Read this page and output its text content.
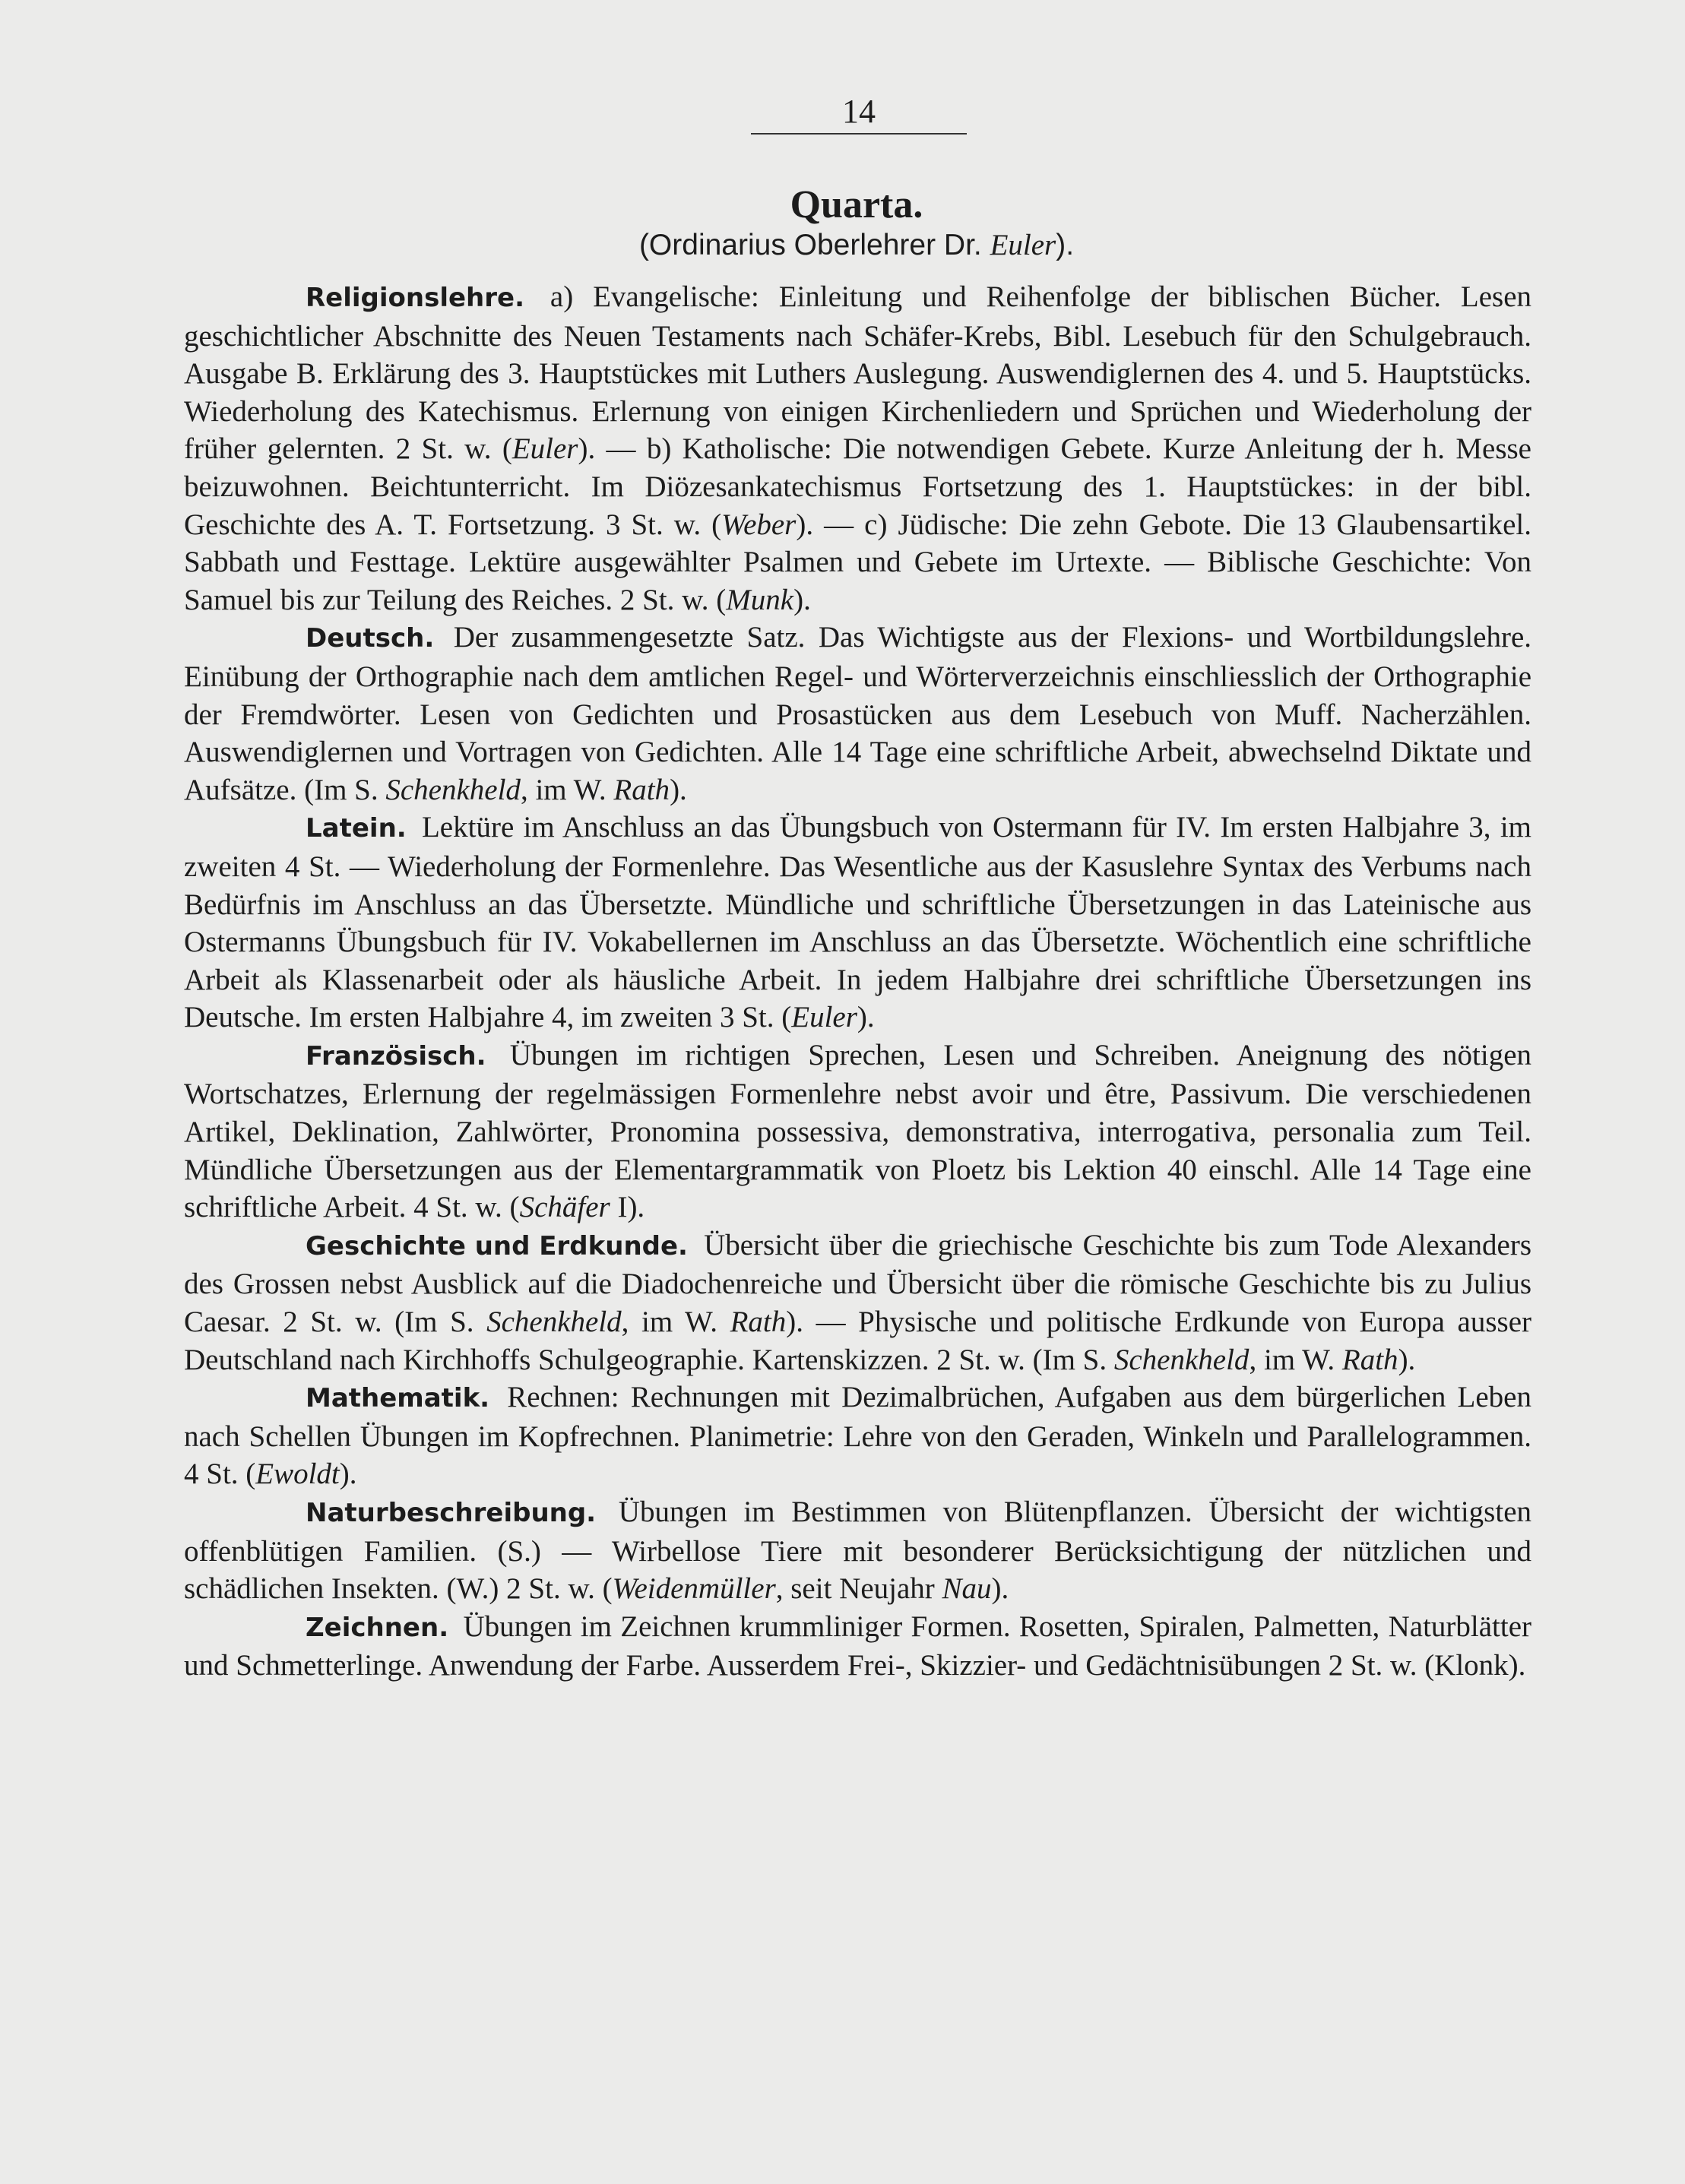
14
Quarta.
(Ordinarius Oberlehrer Dr. Euler).

Religionslehre. a) Evangelische: Einleitung und Reihenfolge der biblischen Bücher. Lesen geschichtlicher Abschnitte des Neuen Testaments nach Schäfer-Krebs, Bibl. Lesebuch für den Schulgebrauch. Ausgabe B. Erklärung des 3. Hauptstückes mit Luthers Auslegung. Auswendiglernen des 4. und 5. Hauptstücks. Wiederholung des Katechismus. Erlernung von einigen Kirchenliedern und Sprüchen und Wiederholung der früher gelernten. 2 St. w. (Euler). — b) Katholische: Die notwendigen Gebete. Kurze Anleitung der h. Messe beizuwohnen. Beichtunterricht. Im Diözesankatechismus Fortsetzung des 1. Hauptstückes: in der bibl. Geschichte des A. T. Fortsetzung. 3 St. w. (Weber). — c) Jüdische: Die zehn Gebote. Die 13 Glaubensartikel. Sabbath und Festtage. Lektüre ausgewählter Psalmen und Gebete im Urtexte. — Biblische Geschichte: Von Samuel bis zur Teilung des Reiches. 2 St. w. (Munk).

Deutsch. Der zusammengesetzte Satz. Das Wichtigste aus der Flexions- und Wortbildungslehre. Einübung der Orthographie nach dem amtlichen Regel- und Wörterverzeichnis einschliesslich der Orthographie der Fremdwörter. Lesen von Gedichten und Prosastücken aus dem Lesebuch von Muff. Nacherzählen. Auswendiglernen und Vortragen von Gedichten. Alle 14 Tage eine schriftliche Arbeit, abwechselnd Diktate und Aufsätze. (Im S. Schenkheld, im W. Rath).

Latein. Lektüre im Anschluss an das Übungsbuch von Ostermann für IV. Im ersten Halbjahre 3, im zweiten 4 St. — Wiederholung der Formenlehre. Das Wesentliche aus der Kasuslehre Syntax des Verbums nach Bedürfnis im Anschluss an das Übersetzte. Mündliche und schriftliche Übersetzungen in das Lateinische aus Ostermanns Übungsbuch für IV. Vokabellernen im Anschluss an das Übersetzte. Wöchentlich eine schriftliche Arbeit als Klassenarbeit oder als häusliche Arbeit. In jedem Halbjahre drei schriftliche Übersetzungen ins Deutsche. Im ersten Halbjahre 4, im zweiten 3 St. (Euler).

Französisch. Übungen im richtigen Sprechen, Lesen und Schreiben. Aneignung des nötigen Wortschatzes, Erlernung der regelmässigen Formenlehre nebst avoir und être, Passivum. Die verschiedenen Artikel, Deklination, Zahlwörter, Pronomina possessiva, demonstrativa, interrogativa, personalia zum Teil. Mündliche Übersetzungen aus der Elementargrammatik von Ploetz bis Lektion 40 einschl. Alle 14 Tage eine schriftliche Arbeit. 4 St. w. (Schäfer I).

Geschichte und Erdkunde. Übersicht über die griechische Geschichte bis zum Tode Alexanders des Grossen nebst Ausblick auf die Diadochenreiche und Übersicht über die römische Geschichte bis zu Julius Caesar. 2 St. w. (Im S. Schenkheld, im W. Rath). — Physische und politische Erdkunde von Europa ausser Deutschland nach Kirchhoffs Schulgeographie. Kartenskizzen. 2 St. w. (Im S. Schenkheld, im W. Rath).

Mathematik. Rechnen: Rechnungen mit Dezimalbrüchen, Aufgaben aus dem bürgerlichen Leben nach Schellen Übungen im Kopfrechnen. Planimetrie: Lehre von den Geraden, Winkeln und Parallelogrammen. 4 St. (Ewoldt).

Naturbeschreibung. Übungen im Bestimmen von Blütenpflanzen. Übersicht der wichtigsten offenblütigen Familien. (S.) — Wirbellose Tiere mit besonderer Berücksichtigung der nützlichen und schädlichen Insekten. (W.) 2 St. w. (Weidenmüller, seit Neujahr Nau).

Zeichnen. Übungen im Zeichnen krummliniger Formen. Rosetten, Spiralen, Palmetten, Naturblätter und Schmetterlinge. Anwendung der Farbe. Ausserdem Frei-, Skizzier- und Gedächtnisübungen 2 St. w. (Klonk).
